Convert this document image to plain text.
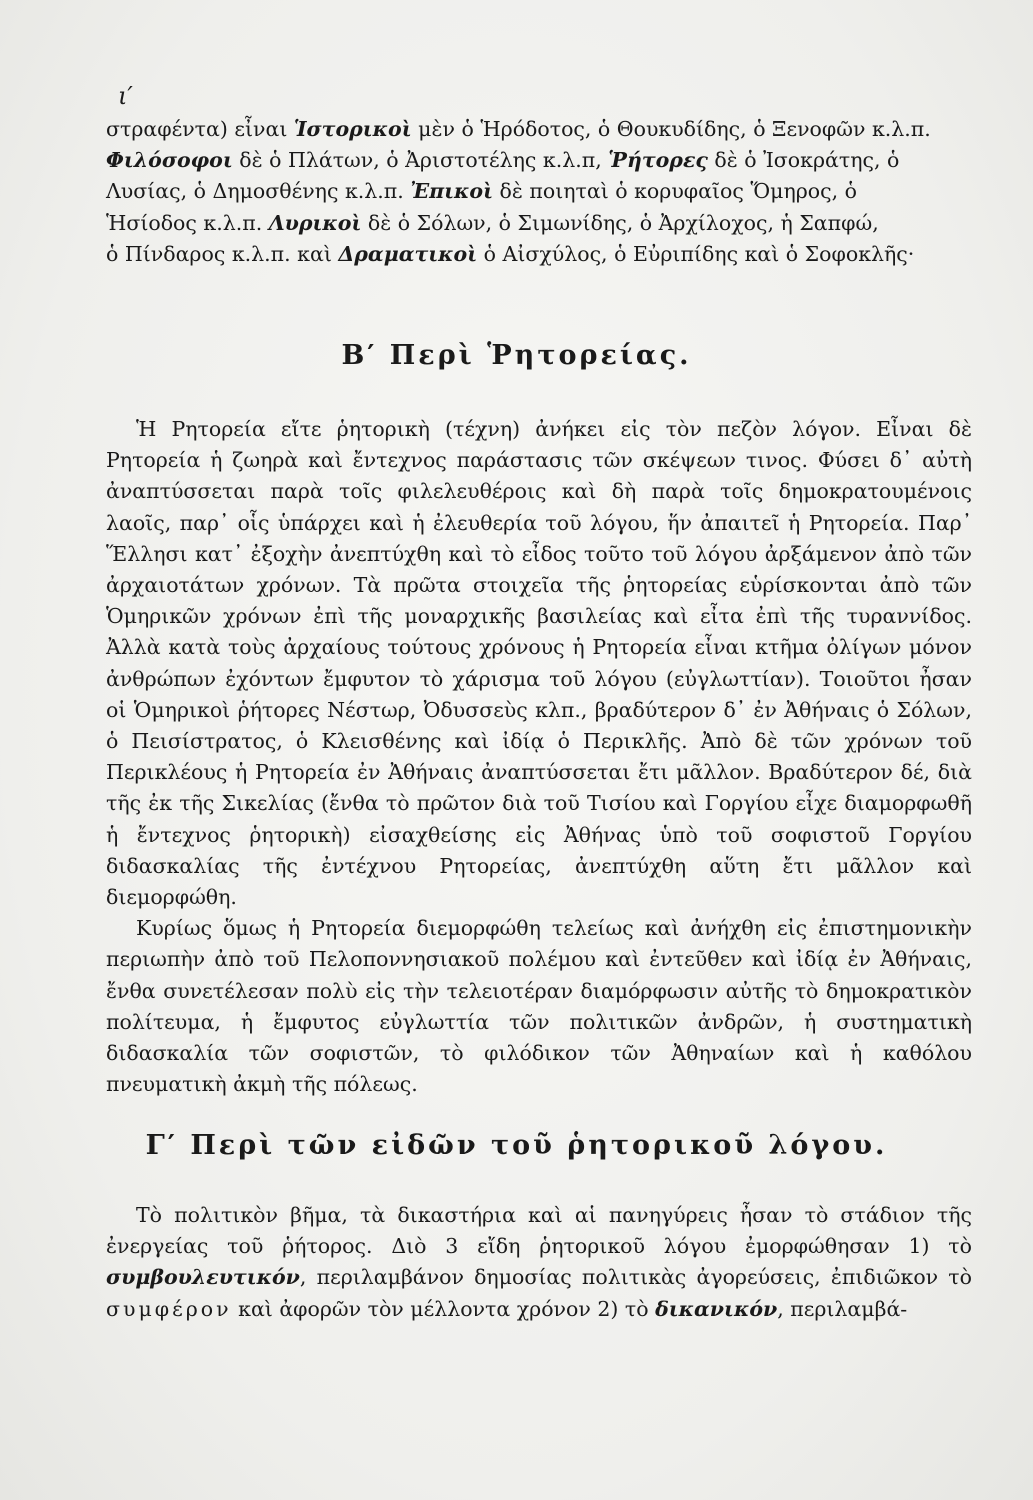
ι′

στραφέντα) εἶναι Ἱστορικοὶ μὲν ὁ Ἡρόδοτος, ὁ Θουκυδίδης, ὁ Ξενοφῶν κ.λ.π.

Φιλόσοφοι δὲ ὁ Πλάτων, ὁ Ἀριστοτέλης κ.λ.π, Ῥήτορες δὲ ὁ Ἰσοκράτης, ὁ

Λυσίας, ὁ Δημοσθένης κ.λ.π. Ἐπικοὶ δὲ ποιηταὶ ὁ κορυφαῖος Ὅμηρος, ὁ

Ἡσίοδος κ.λ.π. Λυρικοὶ δὲ ὁ Σόλων, ὁ Σιμωνίδης, ὁ Ἀρχίλοχος, ἡ Σαπφώ,

ὁ Πίνδαρος κ.λ.π. καὶ Δραματικοὶ ὁ Αἰσχύλος, ὁ Εὐριπίδης καὶ ὁ Σοφοκλῆς·

Β′ Περὶ Ῥητορείας.

Ἡ Ρητορεία εἴτε ῥητορικὴ (τέχνη) ἀνήκει εἰς τὸν πεζὸν λόγον. Εἶναι δὲ Ρητορεία ἡ ζωηρὰ καὶ ἔντεχνος παράστασις τῶν σκέψεων τινος. Φύσει δ᾽ αὐτὴ ἀναπτύσσεται παρὰ τοῖς φιλελευθέροις καὶ δὴ παρὰ τοῖς δημοκρατουμένοις λαοῖς, παρ᾽ οἷς ὑπάρχει καὶ ἡ ἐλευθερία τοῦ λόγου, ἥν ἀπαιτεῖ ἡ Ρητορεία. Παρ᾽ Ἕλλησι κατ᾽ ἐξοχὴν ἀνεπτύχθη καὶ τὸ εἶδος τοῦτο τοῦ λόγου ἀρξάμενον ἀπὸ τῶν ἀρχαιοτάτων χρόνων. Τὰ πρῶτα στοιχεῖα τῆς ῥητορείας εὑρίσκονται ἀπὸ τῶν Ὁμηρικῶν χρόνων ἐπὶ τῆς μοναρχικῆς βασιλείας καὶ εἶτα ἐπὶ τῆς τυραννίδος. Ἀλλὰ κατὰ τοὺς ἀρχαίους τούτους χρόνους ἡ Ρητορεία εἶναι κτῆμα ὀλίγων μόνον ἀνθρώπων ἐχόντων ἔμφυτον τὸ χάρισμα τοῦ λόγου (εὐγλωττίαν). Τοιοῦτοι ἦσαν οἱ Ὁμηρικοὶ ῥήτορες Νέστωρ, Ὀδυσσεὺς κλπ., βραδύτερον δ᾽ ἐν Ἀθήναις ὁ Σόλων, ὁ Πεισίστρατος, ὁ Κλεισθένης καὶ ἰδίᾳ ὁ Περικλῆς. Ἀπὸ δὲ τῶν χρόνων τοῦ Περικλέους ἡ Ρητορεία ἐν Ἀθήναις ἀναπτύσσεται ἔτι μᾶλλον. Βραδύτερον δέ, διὰ τῆς ἐκ τῆς Σικελίας (ἔνθα τὸ πρῶτον διὰ τοῦ Τισίου καὶ Γοργίου εἶχε διαμορφωθῆ ἡ ἔντεχνος ῥητορικὴ) εἰσαχθείσης εἰς Ἀθήνας ὑπὸ τοῦ σοφιστοῦ Γοργίου διδασκαλίας τῆς ἐντέχνου Ρητορείας, ἀνεπτύχθη αὕτη ἔτι μᾶλλον καὶ διεμορφώθη.

Κυρίως ὅμως ἡ Ρητορεία διεμορφώθη τελείως καὶ ἀνήχθη εἰς ἐπιστημονικὴν περιωπὴν ἀπὸ τοῦ Πελοποννησιακοῦ πολέμου καὶ ἐντεῦθεν καὶ ἰδίᾳ ἐν Ἀθήναις, ἔνθα συνετέλεσαν πολὺ εἰς τὴν τελειοτέραν διαμόρφωσιν αὐτῆς τὸ δημοκρατικὸν πολίτευμα, ἡ ἔμφυτος εὐγλωττία τῶν πολιτικῶν ἀνδρῶν, ἡ συστηματικὴ διδασκαλία τῶν σοφιστῶν, τὸ φιλόδικον τῶν Ἀθηναίων καὶ ἡ καθόλου πνευματικὴ ἀκμὴ τῆς πόλεως.

Γ′ Περὶ τῶν εἰδῶν τοῦ ῥητορικοῦ λόγου.

Τὸ πολιτικὸν βῆμα, τὰ δικαστήρια καὶ αἱ πανηγύρεις ἦσαν τὸ στάδιον τῆς ἐνεργείας τοῦ ῥήτορος. Διὸ 3 εἴδη ῥητορικοῦ λόγου ἐμορφώθησαν 1) τὸ συμβουλευτικόν, περιλαμβάνον δημοσίας πολιτικὰς ἀγορεύσεις, ἐπιδιῶκον τὸ συμφέρον καὶ ἀφορῶν τὸν μέλλοντα χρόνον 2) τὸ δικανικόν, περιλαμβά-
